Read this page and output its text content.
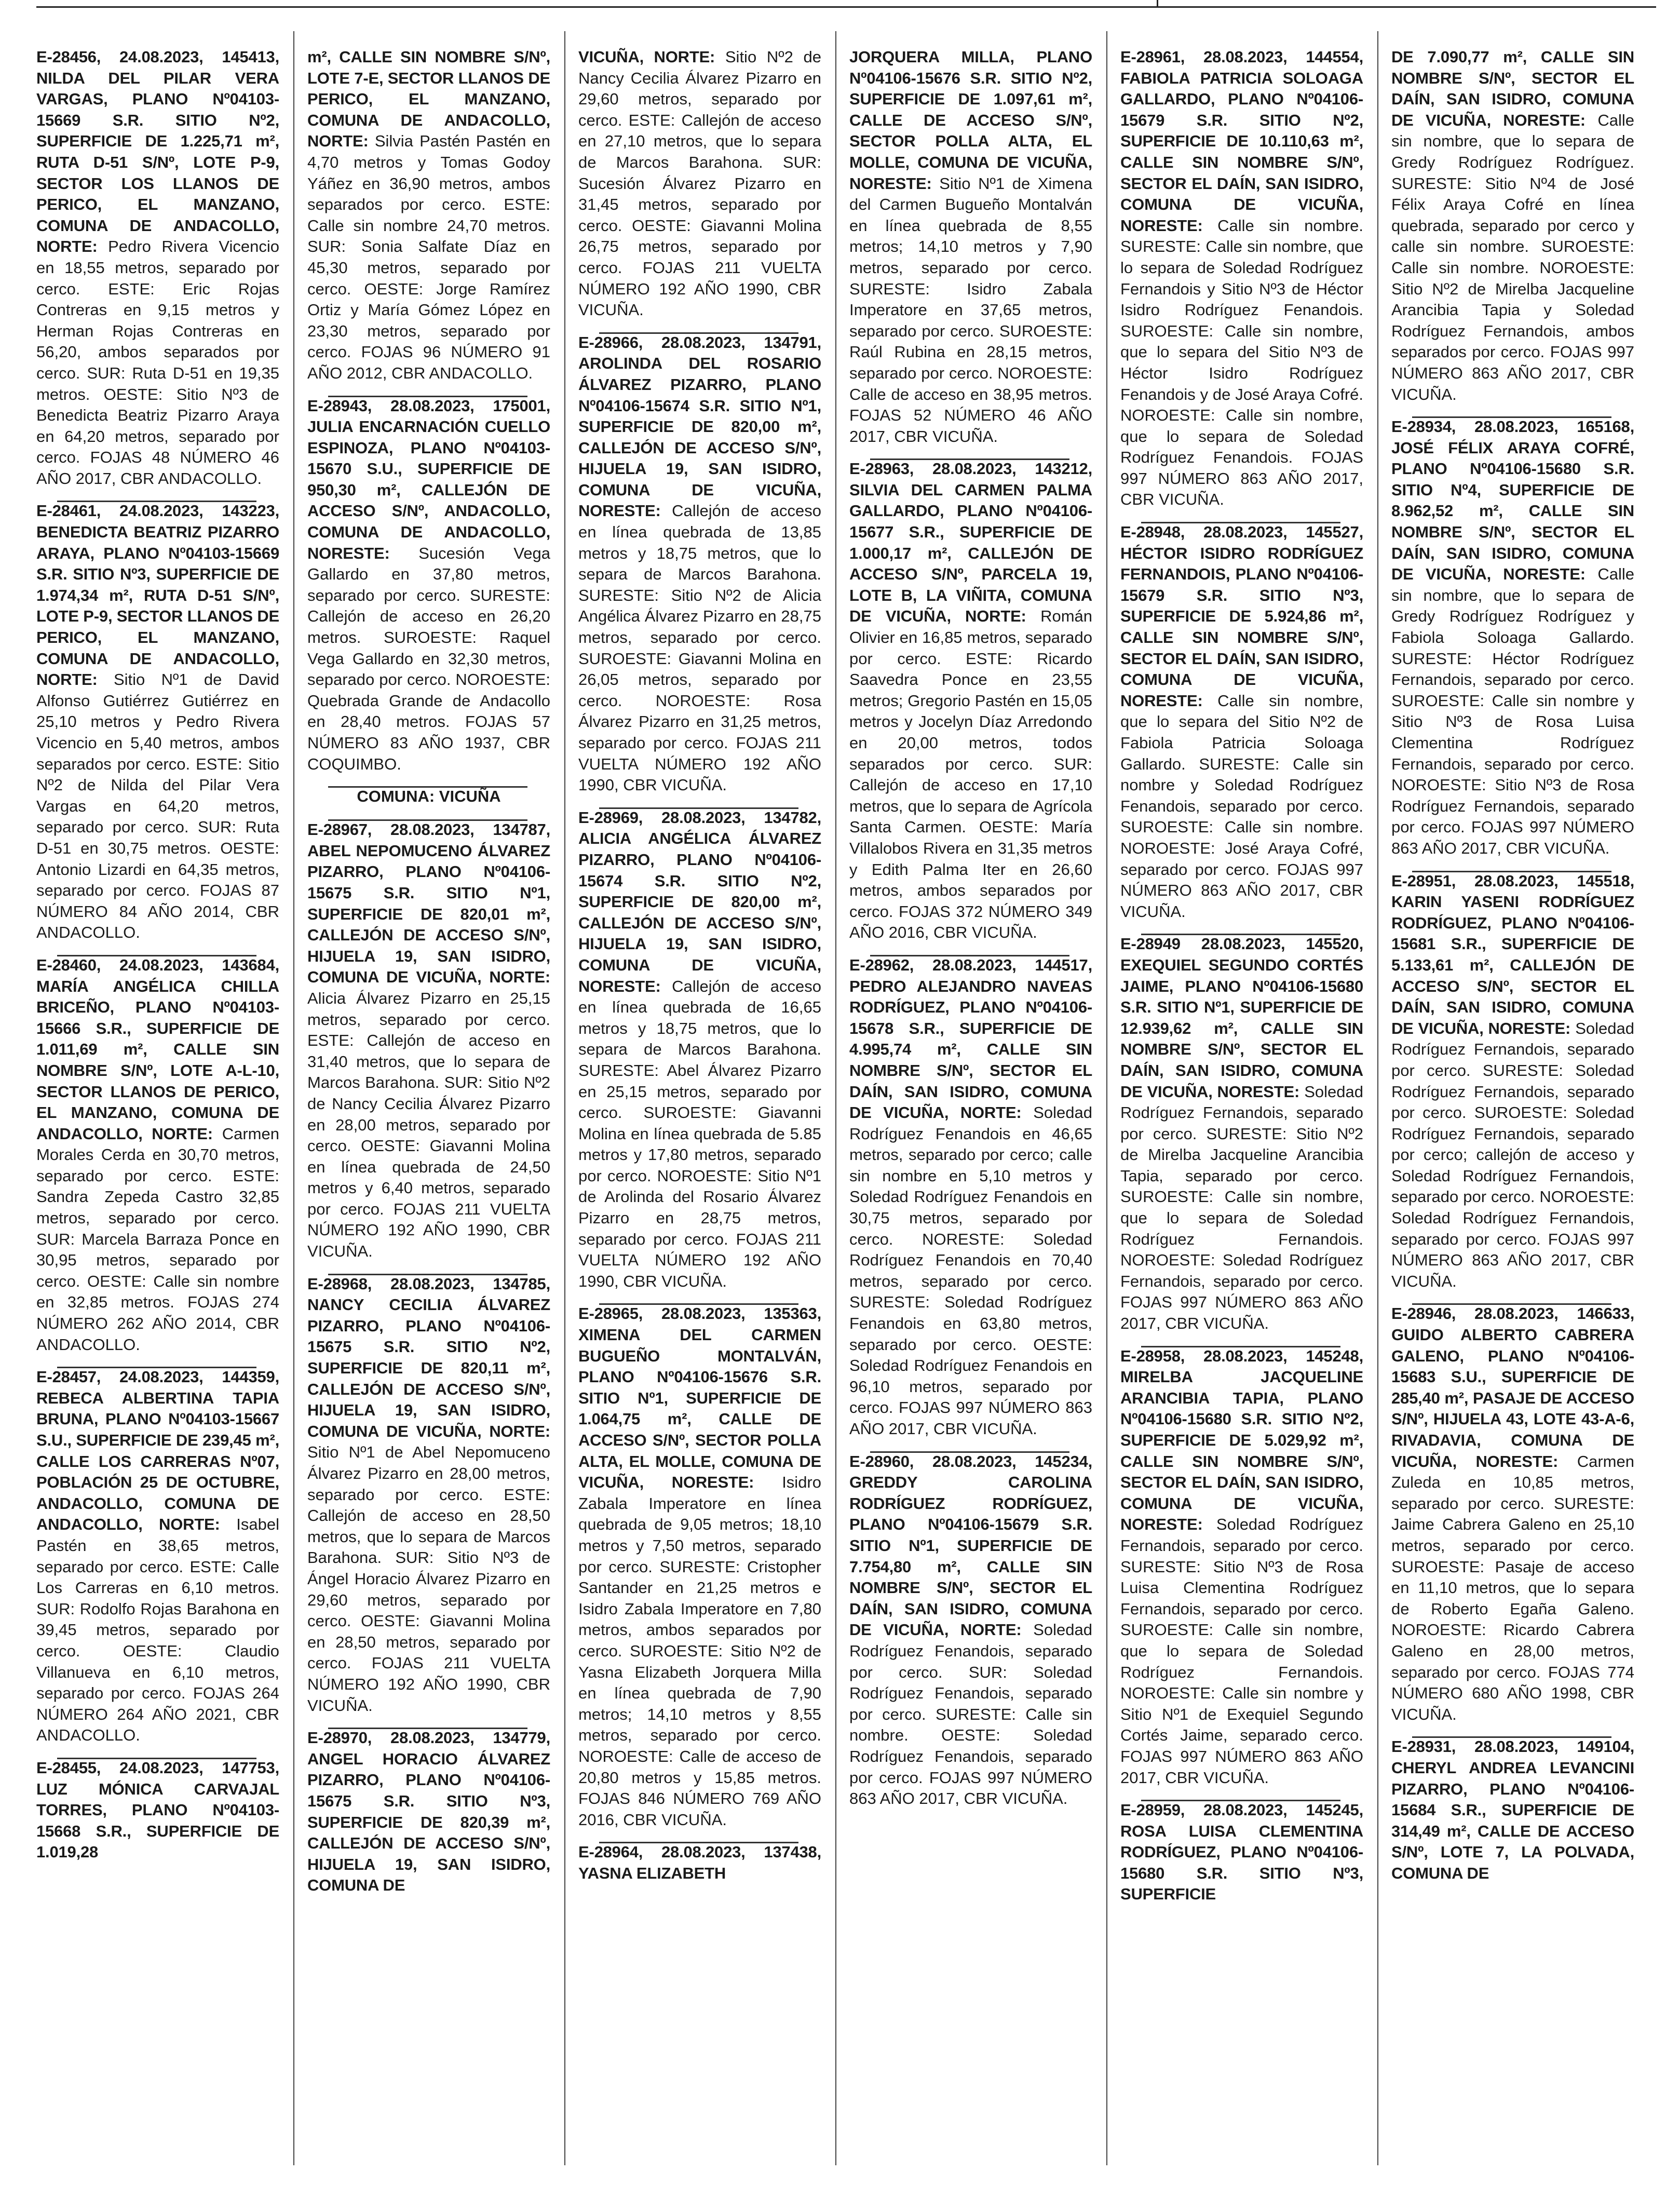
E-28456, 24.08.2023, 145413, NILDA DEL PILAR VERA VARGAS, PLANO Nº04103-15669 S.R. SITIO Nº2, SUPERFICIE DE 1.225,71 m², RUTA D-51 S/Nº, LOTE P-9, SECTOR LOS LLANOS DE PERICO, EL MANZANO, COMUNA DE ANDACOLLO, NORTE: Pedro Rivera Vicencio en 18,55 metros, separado por cerco. ESTE: Eric Rojas Contreras en 9,15 metros y Herman Rojas Contreras en 56,20, ambos separados por cerco. SUR: Ruta D-51 en 19,35 metros. OESTE: Sitio Nº3 de Benedicta Beatriz Pizarro Araya en 64,20 metros, separado por cerco. FOJAS 48 NÚMERO 46 AÑO 2017, CBR ANDACOLLO.

E-28461, 24.08.2023, 143223, BENEDICTA BEATRIZ PIZARRO ARAYA, PLANO Nº04103-15669 S.R. SITIO Nº3, SUPERFICIE DE 1.974,34 m², RUTA D-51 S/Nº, LOTE P-9, SECTOR LLANOS DE PERICO, EL MANZANO, COMUNA DE ANDACOLLO, NORTE: Sitio Nº1 de David Alfonso Gutiérrez Gutiérrez en 25,10 metros y Pedro Rivera Vicencio en 5,40 metros, ambos separados por cerco. ESTE: Sitio Nº2 de Nilda del Pilar Vera Vargas en 64,20 metros, separado por cerco. SUR: Ruta D-51 en 30,75 metros. OESTE: Antonio Lizardi en 64,35 metros, separado por cerco. FOJAS 87 NÚMERO 84 AÑO 2014, CBR ANDACOLLO.

E-28460, 24.08.2023, 143684, MARÍA ANGÉLICA CHILLA BRICEÑO, PLANO Nº04103-15666 S.R., SUPERFICIE DE 1.011,69 m², CALLE SIN NOMBRE S/Nº, LOTE A-L-10, SECTOR LLANOS DE PERICO, EL MANZANO, COMUNA DE ANDACOLLO, NORTE: Carmen Morales Cerda en 30,70 metros, separado por cerco. ESTE: Sandra Zepeda Castro 32,85 metros, separado por cerco. SUR: Marcela Barraza Ponce en 30,95 metros, separado por cerco. OESTE: Calle sin nombre en 32,85 metros. FOJAS 274 NÚMERO 262 AÑO 2014, CBR ANDACOLLO.

E-28457, 24.08.2023, 144359, REBECA ALBERTINA TAPIA BRUNA, PLANO Nº04103-15667 S.U., SUPERFICIE DE 239,45 m², CALLE LOS CARRERAS Nº07, POBLACIÓN 25 DE OCTUBRE, ANDACOLLO, COMUNA DE ANDACOLLO, NORTE: Isabel Pastén en 38,65 metros, separado por cerco. ESTE: Calle Los Carreras en 6,10 metros. SUR: Rodolfo Rojas Barahona en 39,45 metros, separado por cerco. OESTE: Claudio Villanueva en 6,10 metros, separado por cerco. FOJAS 264 NÚMERO 264 AÑO 2021, CBR ANDACOLLO.

E-28455, 24.08.2023, 147753, LUZ MÓNICA CARVAJAL TORRES, PLANO Nº04103-15668 S.R., SUPERFICIE DE 1.019,28

m², CALLE SIN NOMBRE S/Nº, LOTE 7-E, SECTOR LLANOS DE PERICO, EL MANZANO, COMUNA DE ANDACOLLO, NORTE: Silvia Pastén Pastén en 4,70 metros y Tomas Godoy Yáñez en 36,90 metros, ambos separados por cerco. ESTE: Calle sin nombre 24,70 metros. SUR: Sonia Salfate Díaz en 45,30 metros, separado por cerco. OESTE: Jorge Ramírez Ortiz y María Gómez López en 23,30 metros, separado por cerco. FOJAS 96 NÚMERO 91 AÑO 2012, CBR ANDACOLLO.

E-28943, 28.08.2023, 175001, JULIA ENCARNACIÓN CUELLO ESPINOZA, PLANO Nº04103-15670 S.U., SUPERFICIE DE 950,30 m², CALLEJÓN DE ACCESO S/Nº, ANDACOLLO, COMUNA DE ANDACOLLO, NORESTE: Sucesión Vega Gallardo en 37,80 metros, separado por cerco. SURESTE: Callejón de acceso en 26,20 metros. SUROESTE: Raquel Vega Gallardo en 32,30 metros, separado por cerco. NOROESTE: Quebrada Grande de Andacollo en 28,40 metros. FOJAS 57 NÚMERO 83 AÑO 1937, CBR COQUIMBO.

COMUNA: VICUÑA

E-28967, 28.08.2023, 134787, ABEL NEPOMUCENO ÁLVAREZ PIZARRO, PLANO Nº04106-15675 S.R. SITIO Nº1, SUPERFICIE DE 820,01 m², CALLEJÓN DE ACCESO S/Nº, HIJUELA 19, SAN ISIDRO, COMUNA DE VICUÑA, NORTE: Alicia Álvarez Pizarro en 25,15 metros, separado por cerco. ESTE: Callejón de acceso en 31,40 metros, que lo separa de Marcos Barahona. SUR: Sitio Nº2 de Nancy Cecilia Álvarez Pizarro en 28,00 metros, separado por cerco. OESTE: Giavanni Molina en línea quebrada de 24,50 metros y 6,40 metros, separado por cerco. FOJAS 211 VUELTA NÚMERO 192 AÑO 1990, CBR VICUÑA.

E-28968, 28.08.2023, 134785, NANCY CECILIA ÁLVAREZ PIZARRO, PLANO Nº04106-15675 S.R. SITIO Nº2, SUPERFICIE DE 820,11 m², CALLEJÓN DE ACCESO S/Nº, HIJUELA 19, SAN ISIDRO, COMUNA DE VICUÑA, NORTE: Sitio Nº1 de Abel Nepomuceno Álvarez Pizarro en 28,00 metros, separado por cerco. ESTE: Callejón de acceso en 28,50 metros, que lo separa de Marcos Barahona. SUR: Sitio Nº3 de Ángel Horacio Álvarez Pizarro en 29,60 metros, separado por cerco. OESTE: Giavanni Molina en 28,50 metros, separado por cerco. FOJAS 211 VUELTA NÚMERO 192 AÑO 1990, CBR VICUÑA.

E-28970, 28.08.2023, 134779, ANGEL HORACIO ÁLVAREZ PIZARRO, PLANO Nº04106-15675 S.R. SITIO Nº3, SUPERFICIE DE 820,39 m², CALLEJÓN DE ACCESO S/Nº, HIJUELA 19, SAN ISIDRO, COMUNA DE

VICUÑA, NORTE: Sitio Nº2 de Nancy Cecilia Álvarez Pizarro en 29,60 metros, separado por cerco. ESTE: Callejón de acceso en 27,10 metros, que lo separa de Marcos Barahona. SUR: Sucesión Álvarez Pizarro en 31,45 metros, separado por cerco. OESTE: Giavanni Molina 26,75 metros, separado por cerco. FOJAS 211 VUELTA NÚMERO 192 AÑO 1990, CBR VICUÑA.

E-28966, 28.08.2023, 134791, AROLINDA DEL ROSARIO ÁLVAREZ PIZARRO, PLANO Nº04106-15674 S.R. SITIO Nº1, SUPERFICIE DE 820,00 m², CALLEJÓN DE ACCESO S/Nº, HIJUELA 19, SAN ISIDRO, COMUNA DE VICUÑA, NORESTE: Callejón de acceso en línea quebrada de 13,85 metros y 18,75 metros, que lo separa de Marcos Barahona. SURESTE: Sitio Nº2 de Alicia Angélica Álvarez Pizarro en 28,75 metros, separado por cerco. SUROESTE: Giavanni Molina en 26,05 metros, separado por cerco. NOROESTE: Rosa Álvarez Pizarro en 31,25 metros, separado por cerco. FOJAS 211 VUELTA NÚMERO 192 AÑO 1990, CBR VICUÑA.

E-28969, 28.08.2023, 134782, ALICIA ANGÉLICA ÁLVAREZ PIZARRO, PLANO Nº04106-15674 S.R. SITIO Nº2, SUPERFICIE DE 820,00 m², CALLEJÓN DE ACCESO S/Nº, HIJUELA 19, SAN ISIDRO, COMUNA DE VICUÑA, NORESTE: Callejón de acceso en línea quebrada de 16,65 metros y 18,75 metros, que lo separa de Marcos Barahona. SURESTE: Abel Álvarez Pizarro en 25,15 metros, separado por cerco. SUROESTE: Giavanni Molina en línea quebrada de 5.85 metros y 17,80 metros, separado por cerco. NOROESTE: Sitio Nº1 de Arolinda del Rosario Álvarez Pizarro en 28,75 metros, separado por cerco. FOJAS 211 VUELTA NÚMERO 192 AÑO 1990, CBR VICUÑA.

E-28965, 28.08.2023, 135363, XIMENA DEL CARMEN BUGUEÑO MONTALVÁN, PLANO Nº04106-15676 S.R. SITIO Nº1, SUPERFICIE DE 1.064,75 m², CALLE DE ACCESO S/Nº, SECTOR POLLA ALTA, EL MOLLE, COMUNA DE VICUÑA, NORESTE: Isidro Zabala Imperatore en línea quebrada de 9,05 metros; 18,10 metros y 7,50 metros, separado por cerco. SURESTE: Cristopher Santander en 21,25 metros e Isidro Zabala Imperatore en 7,80 metros, ambos separados por cerco. SUROESTE: Sitio Nº2 de Yasna Elizabeth Jorquera Milla en línea quebrada de 7,90 metros; 14,10 metros y 8,55 metros, separado por cerco. NOROESTE: Calle de acceso de 20,80 metros y 15,85 metros. FOJAS 846 NÚMERO 769 AÑO 2016, CBR VICUÑA.

E-28964, 28.08.2023, 137438, YASNA ELIZABETH

JORQUERA MILLA, PLANO Nº04106-15676 S.R. SITIO Nº2, SUPERFICIE DE 1.097,61 m², CALLE DE ACCESO S/Nº, SECTOR POLLA ALTA, EL MOLLE, COMUNA DE VICUÑA, NORESTE: Sitio Nº1 de Ximena del Carmen Bugueño Montalván en línea quebrada de 8,55 metros; 14,10 metros y 7,90 metros, separado por cerco. SURESTE: Isidro Zabala Imperatore en 37,65 metros, separado por cerco. SUROESTE: Raúl Rubina en 28,15 metros, separado por cerco. NOROESTE: Calle de acceso en 38,95 metros. FOJAS 52 NÚMERO 46 AÑO 2017, CBR VICUÑA.

E-28963, 28.08.2023, 143212, SILVIA DEL CARMEN PALMA GALLARDO, PLANO Nº04106-15677 S.R., SUPERFICIE DE 1.000,17 m², CALLEJÓN DE ACCESO S/Nº, PARCELA 19, LOTE B, LA VIÑITA, COMUNA DE VICUÑA, NORTE: Román Olivier en 16,85 metros, separado por cerco. ESTE: Ricardo Saavedra Ponce en 23,55 metros; Gregorio Pastén en 15,05 metros y Jocelyn Díaz Arredondo en 20,00 metros, todos separados por cerco. SUR: Callejón de acceso en 17,10 metros, que lo separa de Agrícola Santa Carmen. OESTE: María Villalobos Rivera en 31,35 metros y Edith Palma Iter en 26,60 metros, ambos separados por cerco. FOJAS 372 NÚMERO 349 AÑO 2016, CBR VICUÑA.

E-28962, 28.08.2023, 144517, PEDRO ALEJANDRO NAVEAS RODRÍGUEZ, PLANO Nº04106-15678 S.R., SUPERFICIE DE 4.995,74 m², CALLE SIN NOMBRE S/Nº, SECTOR EL DAÍN, SAN ISIDRO, COMUNA DE VICUÑA, NORTE: Soledad Rodríguez Fenandois en 46,65 metros, separado por cerco; calle sin nombre en 5,10 metros y Soledad Rodríguez Fenandois en 30,75 metros, separado por cerco. NORESTE: Soledad Rodríguez Fenandois en 70,40 metros, separado por cerco. SURESTE: Soledad Rodríguez Fenandois en 63,80 metros, separado por cerco. OESTE: Soledad Rodríguez Fenandois en 96,10 metros, separado por cerco. FOJAS 997 NÚMERO 863 AÑO 2017, CBR VICUÑA.

E-28960, 28.08.2023, 145234, GREDDY CAROLINA RODRÍGUEZ RODRÍGUEZ, PLANO Nº04106-15679 S.R. SITIO Nº1, SUPERFICIE DE 7.754,80 m², CALLE SIN NOMBRE S/Nº, SECTOR EL DAÍN, SAN ISIDRO, COMUNA DE VICUÑA, NORTE: Soledad Rodríguez Fenandois, separado por cerco. SUR: Soledad Rodríguez Fenandois, separado por cerco. SURESTE: Calle sin nombre. OESTE: Soledad Rodríguez Fenandois, separado por cerco. FOJAS 997 NÚMERO 863 AÑO 2017, CBR VICUÑA.

E-28961, 28.08.2023, 144554, FABIOLA PATRICIA SOLOAGA GALLARDO, PLANO Nº04106-15679 S.R. SITIO Nº2, SUPERFICIE DE 10.110,63 m², CALLE SIN NOMBRE S/Nº, SECTOR EL DAÍN, SAN ISIDRO, COMUNA DE VICUÑA, NORESTE: Calle sin nombre. SURESTE: Calle sin nombre, que lo separa de Soledad Rodríguez Fernandois y Sitio Nº3 de Héctor Isidro Rodríguez Fenandois. SUROESTE: Calle sin nombre, que lo separa del Sitio Nº3 de Héctor Isidro Rodríguez Fenandois y de José Araya Cofré. NOROESTE: Calle sin nombre, que lo separa de Soledad Rodríguez Fenandois. FOJAS 997 NÚMERO 863 AÑO 2017, CBR VICUÑA.

E-28948, 28.08.2023, 145527, HÉCTOR ISIDRO RODRÍGUEZ FERNANDOIS, PLANO Nº04106-15679 S.R. SITIO Nº3, SUPERFICIE DE 5.924,86 m², CALLE SIN NOMBRE S/Nº, SECTOR EL DAÍN, SAN ISIDRO, COMUNA DE VICUÑA, NORESTE: Calle sin nombre, que lo separa del Sitio Nº2 de Fabiola Patricia Soloaga Gallardo. SURESTE: Calle sin nombre y Soledad Rodríguez Fenandois, separado por cerco. SUROESTE: Calle sin nombre. NOROESTE: José Araya Cofré, separado por cerco. FOJAS 997 NÚMERO 863 AÑO 2017, CBR VICUÑA.

E-28949 28.08.2023, 145520, EXEQUIEL SEGUNDO CORTÉS JAIME, PLANO Nº04106-15680 S.R. SITIO Nº1, SUPERFICIE DE 12.939,62 m², CALLE SIN NOMBRE S/Nº, SECTOR EL DAÍN, SAN ISIDRO, COMUNA DE VICUÑA, NORESTE: Soledad Rodríguez Fernandois, separado por cerco. SURESTE: Sitio Nº2 de Mirelba Jacqueline Arancibia Tapia, separado por cerco. SUROESTE: Calle sin nombre, que lo separa de Soledad Rodríguez Fernandois. NOROESTE: Soledad Rodríguez Fernandois, separado por cerco. FOJAS 997 NÚMERO 863 AÑO 2017, CBR VICUÑA.

E-28958, 28.08.2023, 145248, MIRELBA JACQUELINE ARANCIBIA TAPIA, PLANO Nº04106-15680 S.R. SITIO Nº2, SUPERFICIE DE 5.029,92 m², CALLE SIN NOMBRE S/Nº, SECTOR EL DAÍN, SAN ISIDRO, COMUNA DE VICUÑA, NORESTE: Soledad Rodríguez Fernandois, separado por cerco. SURESTE: Sitio Nº3 de Rosa Luisa Clementina Rodríguez Fernandois, separado por cerco. SUROESTE: Calle sin nombre, que lo separa de Soledad Rodríguez Fernandois. NOROESTE: Calle sin nombre y Sitio Nº1 de Exequiel Segundo Cortés Jaime, separado cerco. FOJAS 997 NÚMERO 863 AÑO 2017, CBR VICUÑA.

E-28959, 28.08.2023, 145245, ROSA LUISA CLEMENTINA RODRÍGUEZ, PLANO Nº04106-15680 S.R. SITIO Nº3, SUPERFICIE

DE 7.090,77 m², CALLE SIN NOMBRE S/Nº, SECTOR EL DAÍN, SAN ISIDRO, COMUNA DE VICUÑA, NORESTE: Calle sin nombre, que lo separa de Gredy Rodríguez Rodríguez. SURESTE: Sitio Nº4 de José Félix Araya Cofré en línea quebrada, separado por cerco y calle sin nombre. SUROESTE: Calle sin nombre. NOROESTE: Sitio Nº2 de Mirelba Jacqueline Arancibia Tapia y Soledad Rodríguez Fernandois, ambos separados por cerco. FOJAS 997 NÚMERO 863 AÑO 2017, CBR VICUÑA.

E-28934, 28.08.2023, 165168, JOSÉ FÉLIX ARAYA COFRÉ, PLANO Nº04106-15680 S.R. SITIO Nº4, SUPERFICIE DE 8.962,52 m², CALLE SIN NOMBRE S/Nº, SECTOR EL DAÍN, SAN ISIDRO, COMUNA DE VICUÑA, NORESTE: Calle sin nombre, que lo separa de Gredy Rodríguez Rodríguez y Fabiola Soloaga Gallardo. SURESTE: Héctor Rodríguez Fernandois, separado por cerco. SUROESTE: Calle sin nombre y Sitio Nº3 de Rosa Luisa Clementina Rodríguez Fernandois, separado por cerco. NOROESTE: Sitio Nº3 de Rosa Rodríguez Fernandois, separado por cerco. FOJAS 997 NÚMERO 863 AÑO 2017, CBR VICUÑA.

E-28951, 28.08.2023, 145518, KARIN YASENI RODRÍGUEZ RODRÍGUEZ, PLANO Nº04106-15681 S.R., SUPERFICIE DE 5.133,61 m², CALLEJÓN DE ACCESO S/Nº, SECTOR EL DAÍN, SAN ISIDRO, COMUNA DE VICUÑA, NORESTE: Soledad Rodríguez Fernandois, separado por cerco. SURESTE: Soledad Rodríguez Fernandois, separado por cerco. SUROESTE: Soledad Rodríguez Fernandois, separado por cerco; callejón de acceso y Soledad Rodríguez Fernandois, separado por cerco. NOROESTE: Soledad Rodríguez Fernandois, separado por cerco. FOJAS 997 NÚMERO 863 AÑO 2017, CBR VICUÑA.

E-28946, 28.08.2023, 146633, GUIDO ALBERTO CABRERA GALENO, PLANO Nº04106-15683 S.U., SUPERFICIE DE 285,40 m², PASAJE DE ACCESO S/Nº, HIJUELA 43, LOTE 43-A-6, RIVADAVIA, COMUNA DE VICUÑA, NORESTE: Carmen Zuleda en 10,85 metros, separado por cerco. SURESTE: Jaime Cabrera Galeno en 25,10 metros, separado por cerco. SUROESTE: Pasaje de acceso en 11,10 metros, que lo separa de Roberto Egaña Galeno. NOROESTE: Ricardo Cabrera Galeno en 28,00 metros, separado por cerco. FOJAS 774 NÚMERO 680 AÑO 1998, CBR VICUÑA.

E-28931, 28.08.2023, 149104, CHERYL ANDREA LEVANCINI PIZARRO, PLANO Nº04106-15684 S.R., SUPERFICIE DE 314,49 m², CALLE DE ACCESO S/Nº, LOTE 7, LA POLVADA, COMUNA DE
